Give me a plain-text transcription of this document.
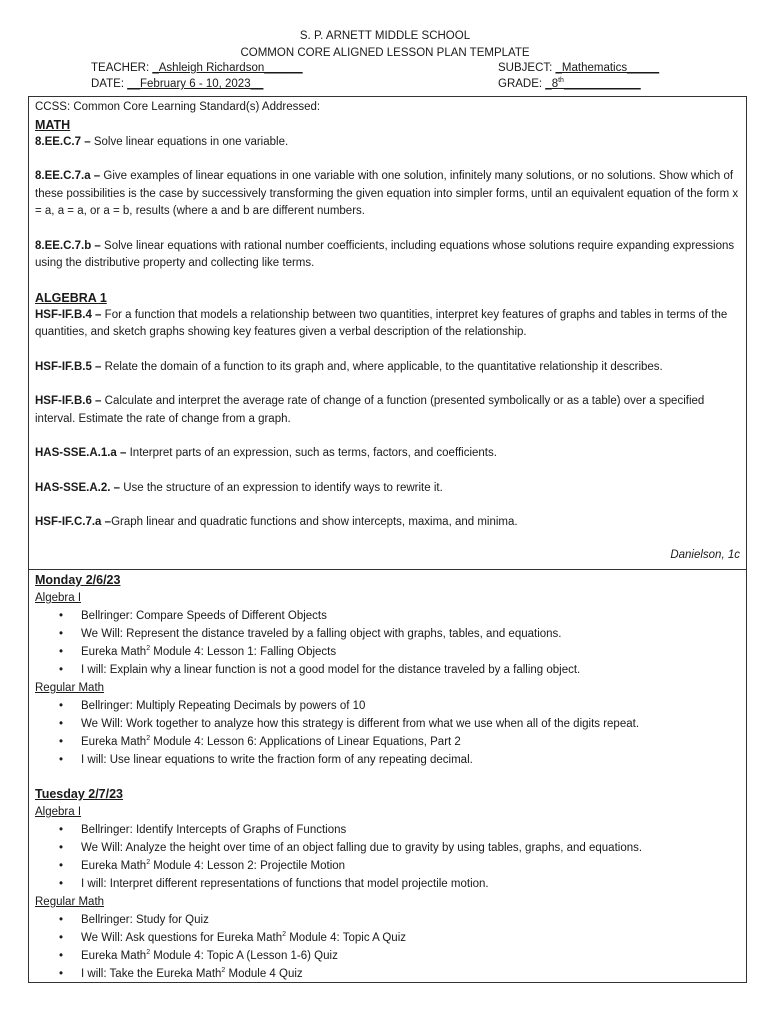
S. P. ARNETT MIDDLE SCHOOL
COMMON CORE ALIGNED LESSON PLAN TEMPLATE
TEACHER: _Ashleigh Richardson______	SUBJECT: _Mathematics_____
DATE: __February 6 - 10, 2023__	GRADE: _8th____________

CCSS: Common Core Learning Standard(s) Addressed:

MATH

8.EE.C.7 – Solve linear equations in one variable.

8.EE.C.7.a – Give examples of linear equations in one variable with one solution, infinitely many solutions, or no solutions. Show which of these possibilities is the case by successively transforming the given equation into simpler forms, until an equivalent equation of the form x = a, a = a, or a = b, results (where a and b are different numbers.

8.EE.C.7.b – Solve linear equations with rational number coefficients, including equations whose solutions require expanding expressions using the distributive property and collecting like terms.

ALGEBRA 1

HSF-IF.B.4 – For a function that models a relationship between two quantities, interpret key features of graphs and tables in terms of the quantities, and sketch graphs showing key features given a verbal description of the relationship.

HSF-IF.B.5 – Relate the domain of a function to its graph and, where applicable, to the quantitative relationship it describes.

HSF-IF.B.6 – Calculate and interpret the average rate of change of a function (presented symbolically or as a table) over a specified interval. Estimate the rate of change from a graph.

HAS-SSE.A.1.a – Interpret parts of an expression, such as terms, factors, and coefficients.

HAS-SSE.A.2. – Use the structure of an expression to identify ways to rewrite it.

HSF-IF.C.7.a –Graph linear and quadratic functions and show intercepts, maxima, and minima.

Danielson, 1c

Monday 2/6/23

Algebra I

• Bellringer: Compare Speeds of Different Objects
• We Will: Represent the distance traveled by a falling object with graphs, tables, and equations.
• Eureka Math$^2$ Module 4: Lesson 1: Falling Objects
• I will: Explain why a linear function is not a good model for the distance traveled by a falling object.

Regular Math

• Bellringer: Multiply Repeating Decimals by powers of 10
• We Will: Work together to analyze how this strategy is different from what we use when all of the digits repeat.
• Eureka Math$^2$ Module 4: Lesson 6: Applications of Linear Equations, Part 2
• I will: Use linear equations to write the fraction form of any repeating decimal.

Tuesday 2/7/23

Algebra I

• Bellringer: Identify Intercepts of Graphs of Functions
• We Will: Analyze the height over time of an object falling due to gravity by using tables, graphs, and equations.
• Eureka Math$^2$ Module 4: Lesson 2: Projectile Motion
• I will: Interpret different representations of functions that model projectile motion.

Regular Math

• Bellringer: Study for Quiz
• We Will: Ask questions for Eureka Math$^2$ Module 4: Topic A Quiz
• Eureka Math$^2$ Module 4: Topic A (Lesson 1-6) Quiz
• I will: Take the Eureka Math$^2$ Module 4 Quiz
